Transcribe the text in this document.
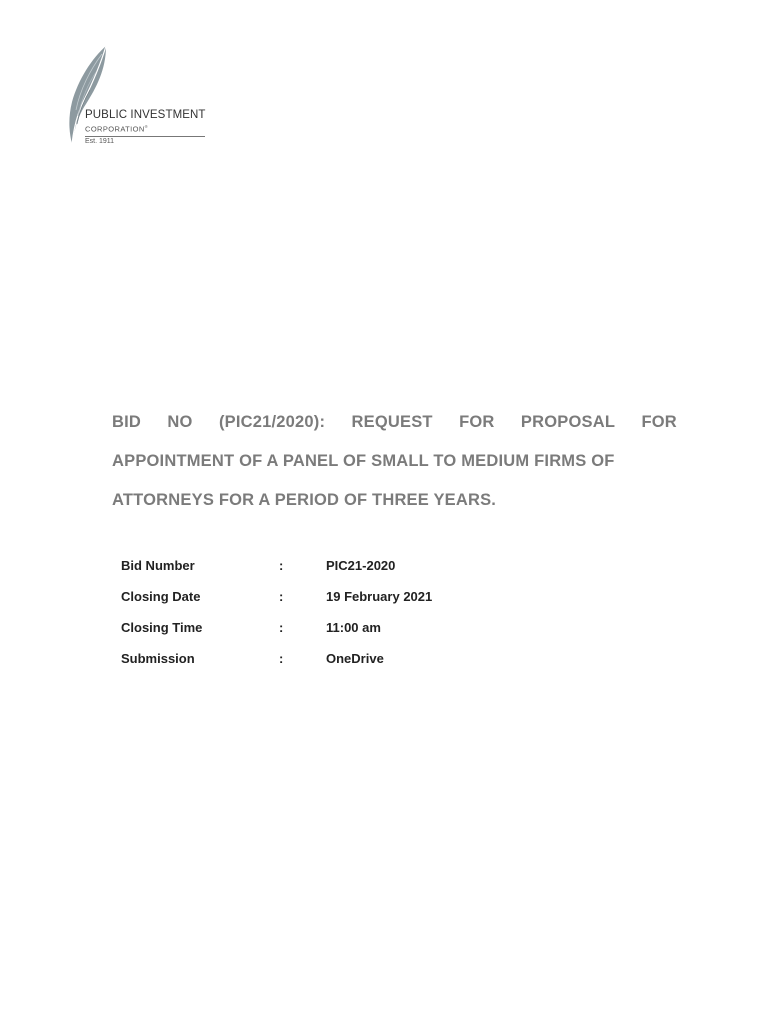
PUBLIC INVESTMENT
CORPORATION®
Est. 1911
BID NO (PIC21/2020): REQUEST FOR PROPOSAL FOR
APPOINTMENT OF A PANEL OF SMALL TO MEDIUM FIRMS OF
ATTORNEYS FOR A PERIOD OF THREE YEARS.
Bid Number	:	PIC21-2020
Closing Date	:	19 February 2021
Closing Time	:	11:00 am
Submission	:	OneDrive
